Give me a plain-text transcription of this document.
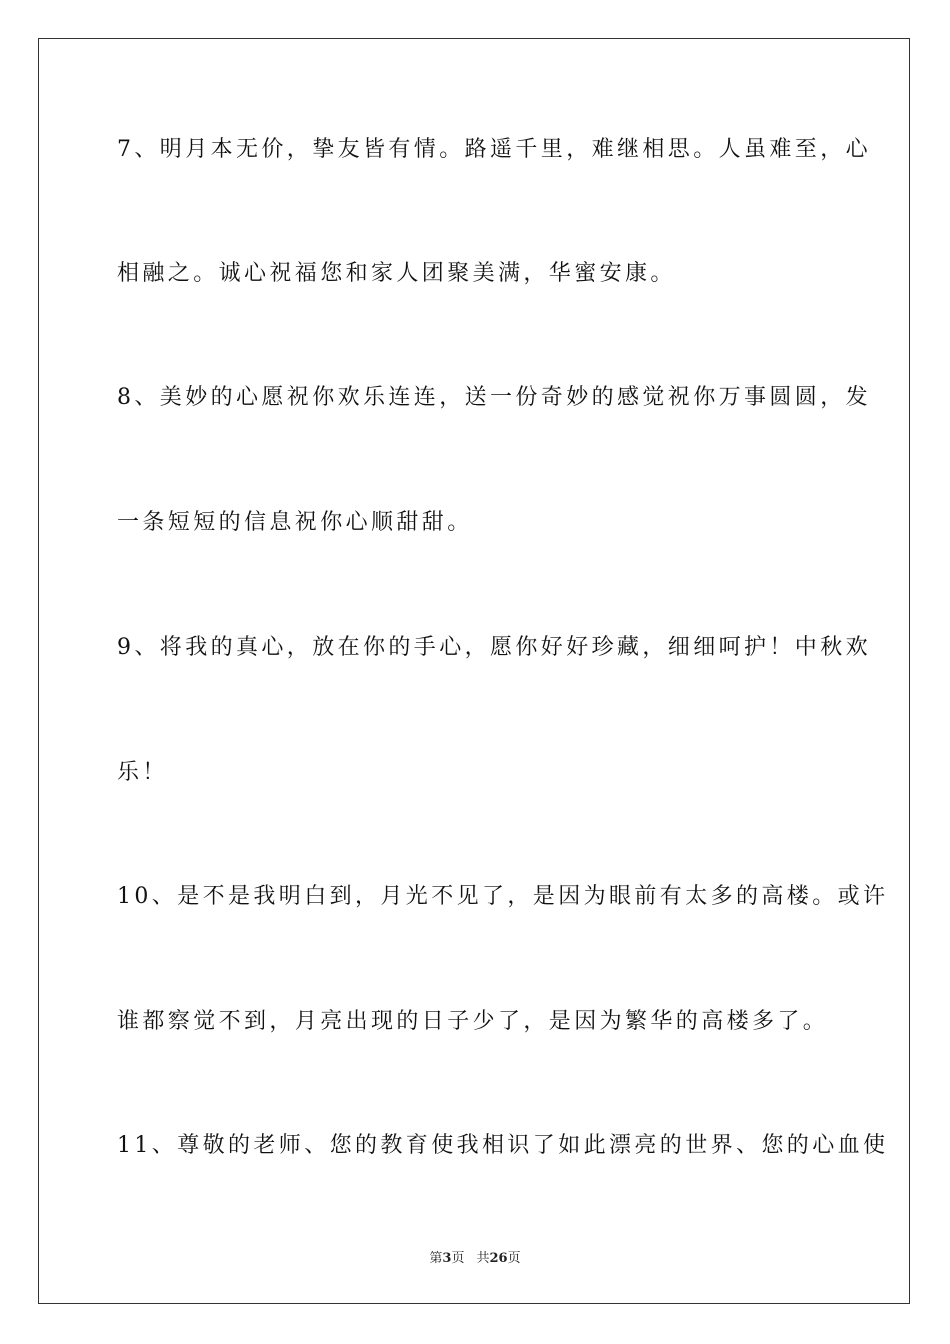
7、明月本无价，挚友皆有情。路遥千里，难继相思。人虽难至，心
相融之。诚心祝福您和家人团聚美满，华蜜安康。
8、美妙的心愿祝你欢乐连连，送一份奇妙的感觉祝你万事圆圆，发
一条短短的信息祝你心顺甜甜。
9、将我的真心，放在你的手心，愿你好好珍藏，细细呵护！中秋欢
乐！
10、是不是我明白到，月光不见了，是因为眼前有太多的高楼。或许
谁都察觉不到，月亮出现的日子少了，是因为繁华的高楼多了。
11、尊敬的老师、您的教育使我相识了如此漂亮的世界、您的心血使
第3页 共26页
